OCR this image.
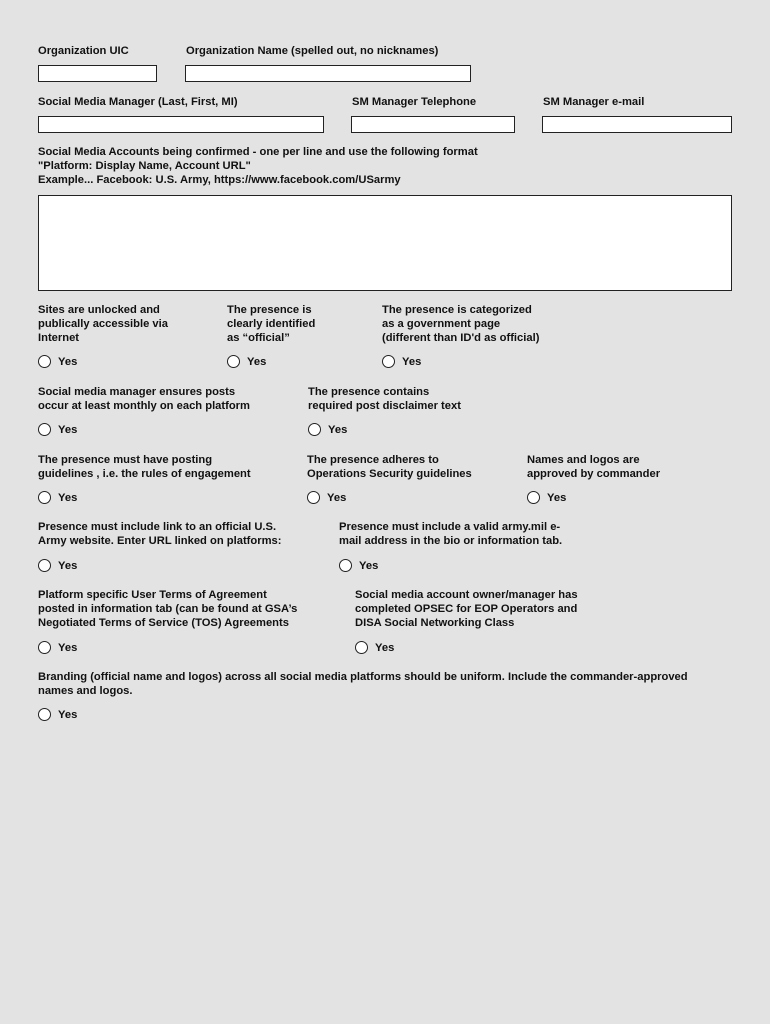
Organization UIC	Organization Name (spelled out, no nicknames)

Social Media Manager (Last, First, MI)	SM Manager Telephone	SM Manager e-mail

Social Media Accounts being confirmed - one per line and use the following format
"Platform: Display Name, Account URL"
Example... Facebook: U.S. Army, https://www.facebook.com/USarmy

Sites are unlocked and
publically accessible via
Internet

Yes

The presence is
clearly identified
as “official”

Yes

The presence is categorized
as a government page
(different than ID'd as official)

Yes

Social media manager ensures posts
occur at least monthly on each platform

Yes

The presence contains
required post disclaimer text

Yes

The presence must have posting
guidelines , i.e. the rules of engagement

Yes

The presence adheres to
Operations Security guidelines

Yes

Names and logos are
approved by commander

Yes

Presence must include link to an official U.S.
Army website. Enter URL linked on platforms:

Yes

Presence must include a valid army.mil e-
mail address in the bio or information tab.

Yes

Platform specific User Terms of Agreement
posted in information tab (can be found at GSA’s
Negotiated Terms of Service (TOS) Agreements

Yes

Social media account owner/manager has
completed OPSEC for EOP Operators and
DISA Social Networking Class

Yes

Branding (official name and logos) across all social media platforms should be uniform. Include the commander-approved
names and logos.

Yes
